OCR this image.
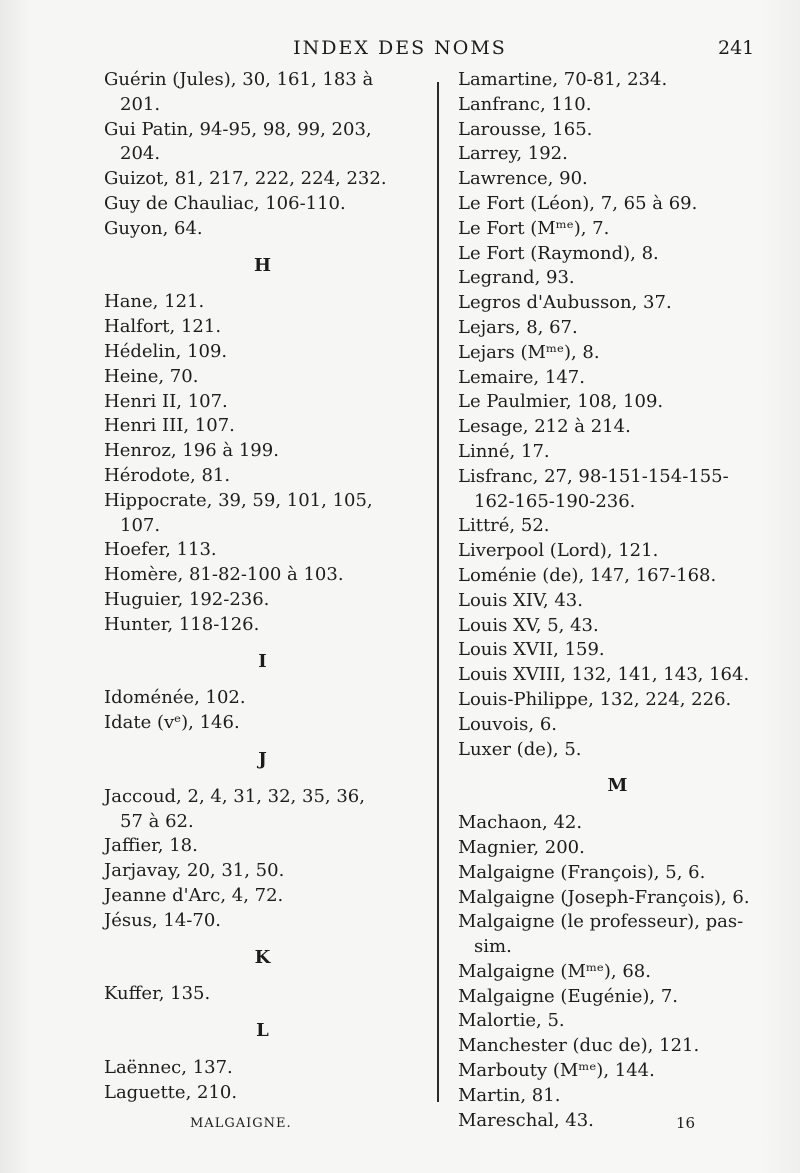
INDEX DES NOMS	241
Guérin (Jules), 30, 161, 183 à
201.
Gui Patin, 94-95, 98, 99, 203,
204.
Guizot, 81, 217, 222, 224, 232.
Guy de Chauliac, 106-110.
Guyon, 64.
H
Hane, 121.
Halfort, 121.
Hédelin, 109.
Heine, 70.
Henri II, 107.
Henri III, 107.
Henroz, 196 à 199.
Hérodote, 81.
Hippocrate, 39, 59, 101, 105,
107.
Hoefer, 113.
Homère, 81-82-100 à 103.
Huguier, 192-236.
Hunter, 118-126.
I
Idoménée, 102.
Idate (vᵉ), 146.
J
Jaccoud, 2, 4, 31, 32, 35, 36,
57 à 62.
Jaffier, 18.
Jarjavay, 20, 31, 50.
Jeanne d'Arc, 4, 72.
Jésus, 14-70.
K
Kuffer, 135.
L
Laënnec, 137.
Laguette, 210.
Lamartine, 70-81, 234.
Lanfranc, 110.
Larousse, 165.
Larrey, 192.
Lawrence, 90.
Le Fort (Léon), 7, 65 à 69.
Le Fort (Mᵐᵉ), 7.
Le Fort (Raymond), 8.
Legrand, 93.
Legros d'Aubusson, 37.
Lejars, 8, 67.
Lejars (Mᵐᵉ), 8.
Lemaire, 147.
Le Paulmier, 108, 109.
Lesage, 212 à 214.
Linné, 17.
Lisfranc, 27, 98-151-154-155-
162-165-190-236.
Littré, 52.
Liverpool (Lord), 121.
Loménie (de), 147, 167-168.
Louis XIV, 43.
Louis XV, 5, 43.
Louis XVII, 159.
Louis XVIII, 132, 141, 143, 164.
Louis-Philippe, 132, 224, 226.
Louvois, 6.
Luxer (de), 5.
M
Machaon, 42.
Magnier, 200.
Malgaigne (François), 5, 6.
Malgaigne (Joseph-François), 6.
Malgaigne (le professeur), pas-
sim.
Malgaigne (Mᵐᵉ), 68.
Malgaigne (Eugénie), 7.
Malortie, 5.
Manchester (duc de), 121.
Marbouty (Mᵐᵉ), 144.
Martin, 81.
Mareschal, 43.
MALGAIGNE.	16
